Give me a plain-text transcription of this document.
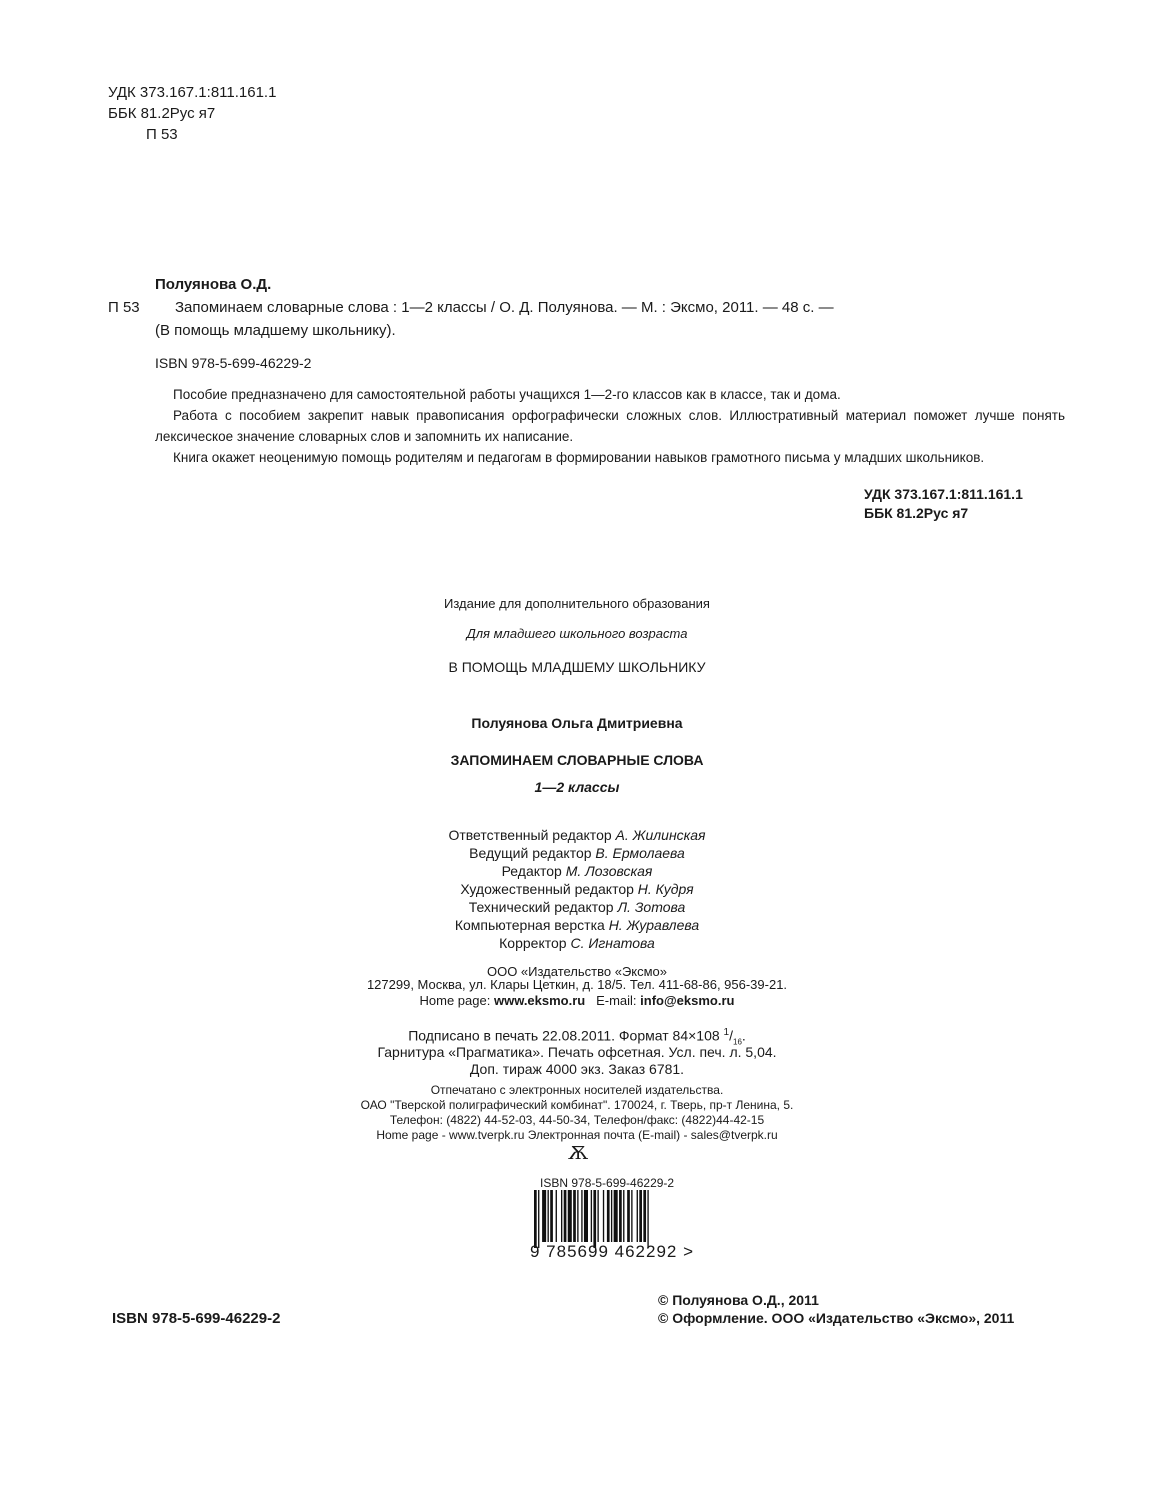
УДК 373.167.1:811.161.1
ББК 81.2Рус я7
П 53
Полуянова О.Д.
П 53 Запоминаем словарные слова : 1—2 классы / О. Д. Полуянова. — М. : Эксмо, 2011. — 48 с. —
(В помощь младшему школьнику).
ISBN 978-5-699-46229-2

Пособие предназначено для самостоятельной работы учащихся 1—2-го классов как в классе, так и дома.

Работа с пособием закрепит навык правописания орфографически сложных слов. Иллюстративный материал поможет лучше понять лексическое значение словарных слов и запомнить их написание.

Книга окажет неоценимую помощь родителям и педагогам в формировании навыков грамотного письма у младших школьников.

УДК 373.167.1:811.161.1
ББК 81.2Рус я7
Издание для дополнительного образования
Для младшего школьного возраста
В ПОМОЩЬ МЛАДШЕМУ ШКОЛЬНИКУ
Полуянова Ольга Дмитриевна
ЗАПОМИНАЕМ СЛОВАРНЫЕ СЛОВА
1—2 классы
Ответственный редактор А. Жилинская
Ведущий редактор В. Ермолаева
Редактор М. Лозовская
Художественный редактор Н. Кудря
Технический редактор Л. Зотова
Компьютерная верстка Н. Журавлева
Корректор С. Игнатова
ООО «Издательство «Эксмо»
127299, Москва, ул. Клары Цеткин, д. 18/5. Тел. 411-68-86, 956-39-21.
Home page: www.eksmo.ru E-mail: info@eksmo.ru
Подписано в печать 22.08.2011. Формат 84×108 $^1/_{16}$.
Гарнитура «Прагматика». Печать офсетная. Усл. печ. л. 5,04.
Доп. тираж 4000 экз. Заказ 6781.
Отпечатано с электронных носителей издательства.
ОАО "Тверской полиграфический комбинат". 170024, г. Тверь, пр-т Ленина, 5.
Телефон: (4822) 44-52-03, 44-50-34, Телефон/факс: (4822)44-42-15
Home page - www.tverpk.ru Электронная почта (E-mail) - sales@tverpk.ru
Ѫ
ISBN 978-5-699-46229-2
9 785699 462292 >
ISBN 978-5-699-46229-2
© Полуянова О.Д., 2011
© Оформление. ООО «Издательство «Эксмо», 2011
